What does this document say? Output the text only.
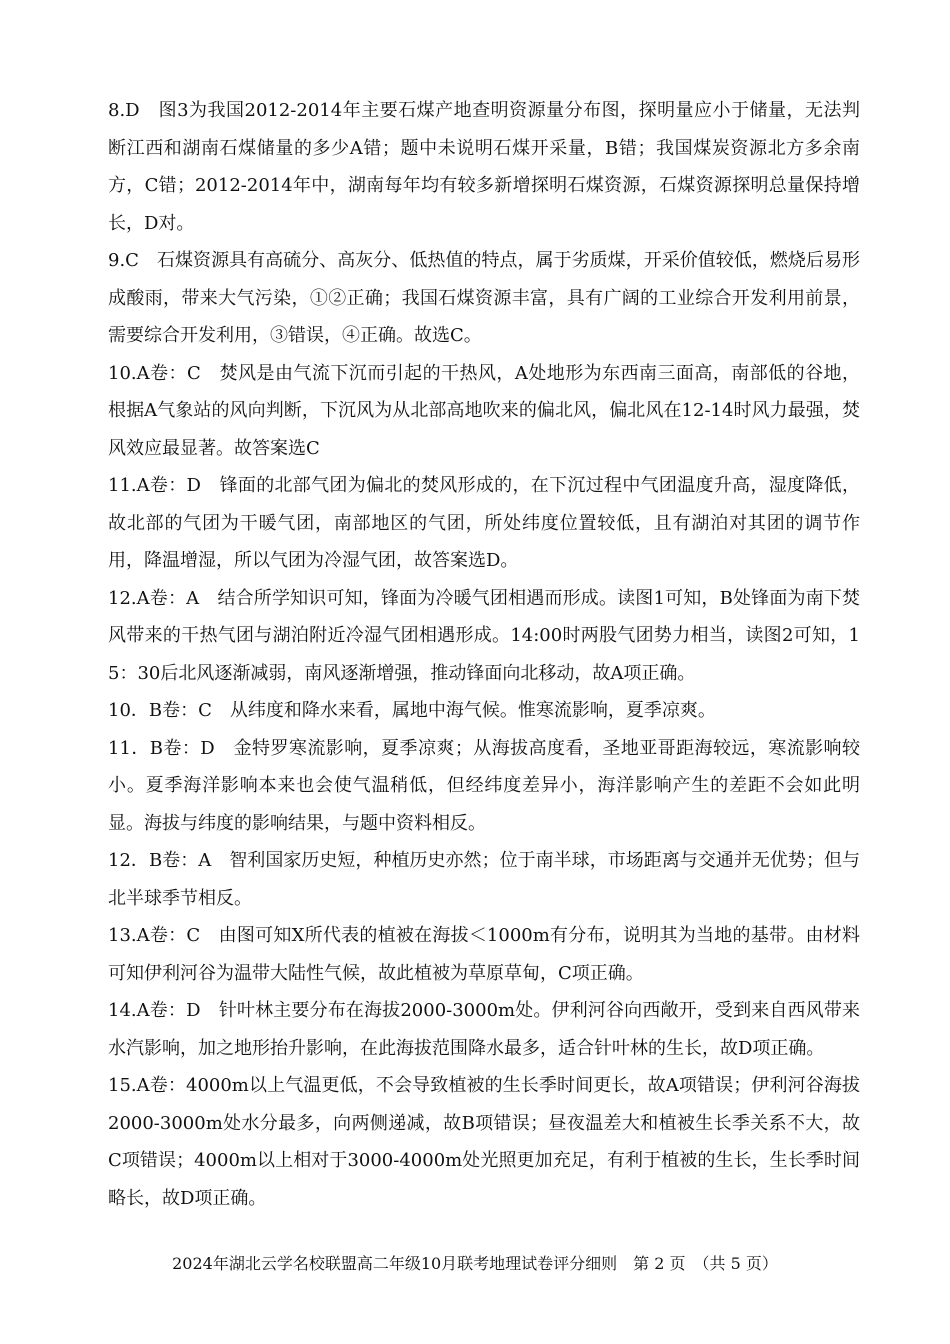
8.D　图3为我国2012-2014年主要石煤产地查明资源量分布图，探明量应小于储量，无法判断江西和湖南石煤储量的多少A错；题中未说明石煤开采量，B错；我国煤炭资源北方多余南方，C错；2012-2014年中，湖南每年均有较多新增探明石煤资源，石煤资源探明总量保持增长，D对。

9.C　石煤资源具有高硫分、高灰分、低热值的特点，属于劣质煤，开采价值较低，燃烧后易形成酸雨，带来大气污染，①②正确；我国石煤资源丰富，具有广阔的工业综合开发利用前景，需要综合开发利用，③错误，④正确。故选C。

10.A卷：C　焚风是由气流下沉而引起的干热风，A处地形为东西南三面高，南部低的谷地，根据A气象站的风向判断，下沉风为从北部高地吹来的偏北风，偏北风在12-14时风力最强，焚风效应最显著。故答案选C

11.A卷：D　锋面的北部气团为偏北的焚风形成的，在下沉过程中气团温度升高，湿度降低，故北部的气团为干暖气团，南部地区的气团，所处纬度位置较低，且有湖泊对其团的调节作用，降温增湿，所以气团为冷湿气团，故答案选D。

12.A卷：A　结合所学知识可知，锋面为冷暖气团相遇而形成。读图1可知，B处锋面为南下焚风带来的干热气团与湖泊附近冷湿气团相遇形成。14:00时两股气团势力相当，读图2可知，15：30后北风逐渐减弱，南风逐渐增强，推动锋面向北移动，故A项正确。

10．B卷：C　从纬度和降水来看，属地中海气候。惟寒流影响，夏季凉爽。

11．B卷：D　金特罗寒流影响，夏季凉爽；从海拔高度看，圣地亚哥距海较远，寒流影响较小。夏季海洋影响本来也会使气温稍低，但经纬度差异小，海洋影响产生的差距不会如此明显。海拔与纬度的影响结果，与题中资料相反。

12．B卷：A　智利国家历史短，种植历史亦然；位于南半球，市场距离与交通并无优势；但与北半球季节相反。

13.A卷：C　由图可知X所代表的植被在海拔＜1000m有分布，说明其为当地的基带。由材料可知伊利河谷为温带大陆性气候，故此植被为草原草甸，C项正确。

14.A卷：D　针叶林主要分布在海拔2000-3000m处。伊利河谷向西敞开，受到来自西风带来水汽影响，加之地形抬升影响，在此海拔范围降水最多，适合针叶林的生长，故D项正确。

15.A卷：4000m以上气温更低，不会导致植被的生长季时间更长，故A项错误；伊利河谷海拔2000-3000m处水分最多，向两侧递减，故B项错误；昼夜温差大和植被生长季关系不大，故C项错误；4000m以上相对于3000-4000m处光照更加充足，有利于植被的生长，生长季时间略长，故D项正确。

2024年湖北云学名校联盟高二年级10月联考地理试卷评分细则　第 2 页　（共 5 页）
